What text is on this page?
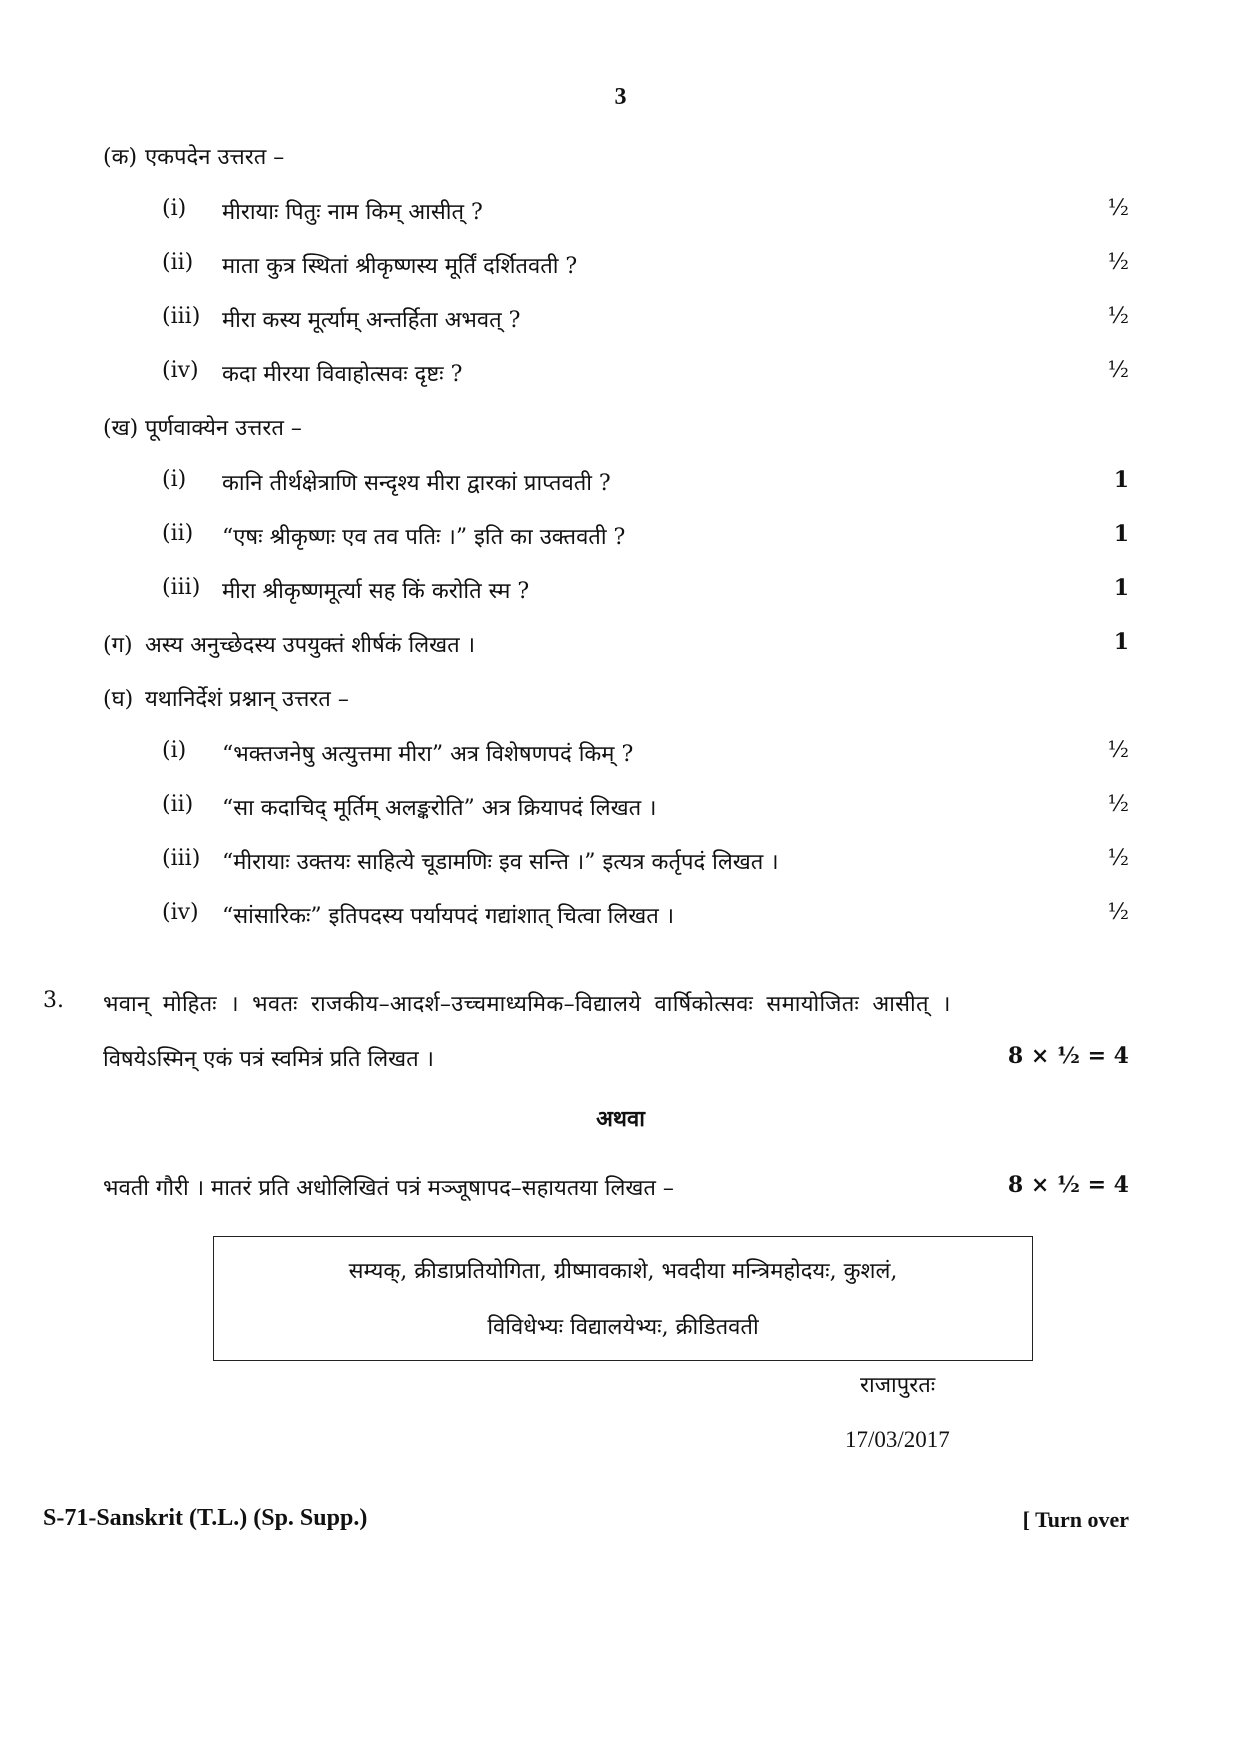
3
(क) एकपदेन उत्तरत –
(i) मीरायाः पितुः नाम किम् आसीत् ?	½
(ii) माता कुत्र स्थितां श्रीकृष्णस्य मूर्तिं दर्शितवती ?	½
(iii) मीरा कस्य मूर्त्याम् अन्तर्हिता अभवत् ?	½
(iv) कदा मीरया विवाहोत्सवः दृष्टः ?	½
(ख) पूर्णवाक्येन उत्तरत –
(i) कानि तीर्थक्षेत्राणि सन्दृश्य मीरा द्वारकां प्राप्तवती ?	1
(ii) “एषः श्रीकृष्णः एव तव पतिः ।” इति का उक्तवती ?	1
(iii) मीरा श्रीकृष्णमूर्त्या सह किं करोति स्म ?	1
(ग) अस्य अनुच्छेदस्य उपयुक्तं शीर्षकं लिखत ।	1
(घ) यथानिर्देशं प्रश्नान् उत्तरत –
(i) “भक्तजनेषु अत्युत्तमा मीरा” अत्र विशेषणपदं किम् ?	½
(ii) “सा कदाचिद् मूर्तिम् अलङ्करोति” अत्र क्रियापदं लिखत ।	½
(iii) “मीरायाः उक्तयः साहित्ये चूडामणिः इव सन्ति ।” इत्यत्र कर्तृपदं लिखत ।	½
(iv) “सांसारिकः” इतिपदस्य पर्यायपदं गद्यांशात् चित्वा लिखत ।	½
3. भवान् मोहितः । भवतः राजकीय–आदर्श–उच्चमाध्यमिक–विद्यालये वार्षिकोत्सवः समायोजितः आसीत् ।
विषयेऽस्मिन् एकं पत्रं स्वमित्रं प्रति लिखत ।	8 × ½ = 4
अथवा
भवती गौरी । मातरं प्रति अधोलिखितं पत्रं मञ्जूषापद–सहायतया लिखत –	8 × ½ = 4
सम्यक्, क्रीडाप्रतियोगिता, ग्रीष्मावकाशे, भवदीया मन्त्रिमहोदयः, कुशलं,
विविधेभ्यः विद्यालयेभ्यः, क्रीडितवती
राजापुरतः
17/03/2017
S-71-Sanskrit (T.L.) (Sp. Supp.)	[ Turn over
